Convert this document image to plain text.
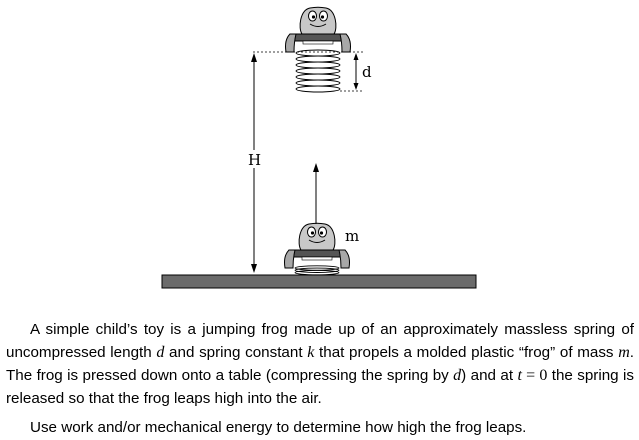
m
H
d

A simple child’s toy is a jumping frog made up of an approximately massless spring of uncompressed length d and spring constant k that propels a molded plastic “frog” of mass m. The frog is pressed down onto a table (compressing the spring by d) and at t = 0 the spring is released so that the frog leaps high into the air.

Use work and/or mechanical energy to determine how high the frog leaps.
